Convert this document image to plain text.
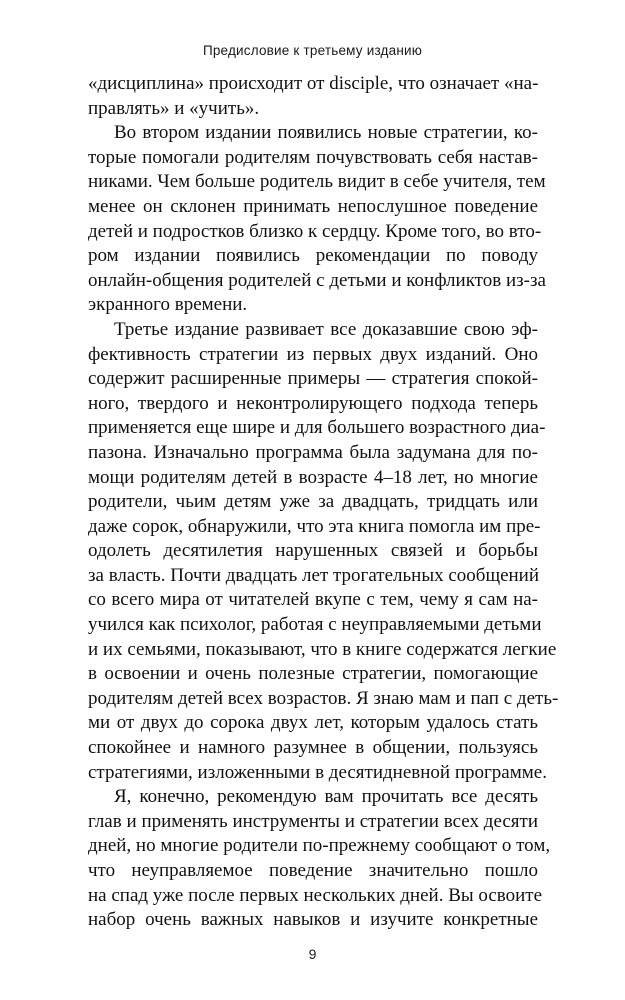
Предисловие к третьему изданию
«дисциплина» происходит от disciple, что означает «на-
правлять» и «учить».
Во втором издании появились новые стратегии, ко-
торые помогали родителям почувствовать себя настав-
никами. Чем больше родитель видит в себе учителя, тем
менее он склонен принимать непослушное поведение
детей и подростков близко к сердцу. Кроме того, во вто-
ром издании появились рекомендации по поводу
онлайн-общения родителей с детьми и конфликтов из-за
экранного времени.
Третье издание развивает все доказавшие свою эф-
фективность стратегии из первых двух изданий. Оно
содержит расширенные примеры — стратегия спокой-
ного, твердого и неконтролирующего подхода теперь
применяется еще шире и для большего возрастного диа-
пазона. Изначально программа была задумана для по-
мощи родителям детей в возрасте 4–18 лет, но многие
родители, чьим детям уже за двадцать, тридцать или
даже сорок, обнаружили, что эта книга помогла им пре-
одолеть десятилетия нарушенных связей и борьбы
за власть. Почти двадцать лет трогательных сообщений
со всего мира от читателей вкупе с тем, чему я сам на-
учился как психолог, работая с неуправляемыми детьми
и их семьями, показывают, что в книге содержатся легкие
в освоении и очень полезные стратегии, помогающие
родителям детей всех возрастов. Я знаю мам и пап с деть-
ми от двух до сорока двух лет, которым удалось стать
спокойнее и намного разумнее в общении, пользуясь
стратегиями, изложенными в десятидневной программе.
Я, конечно, рекомендую вам прочитать все десять
глав и применять инструменты и стратегии всех десяти
дней, но многие родители по-прежнему сообщают о том,
что неуправляемое поведение значительно пошло
на спад уже после первых нескольких дней. Вы освоите
набор очень важных навыков и изучите конкретные
9
